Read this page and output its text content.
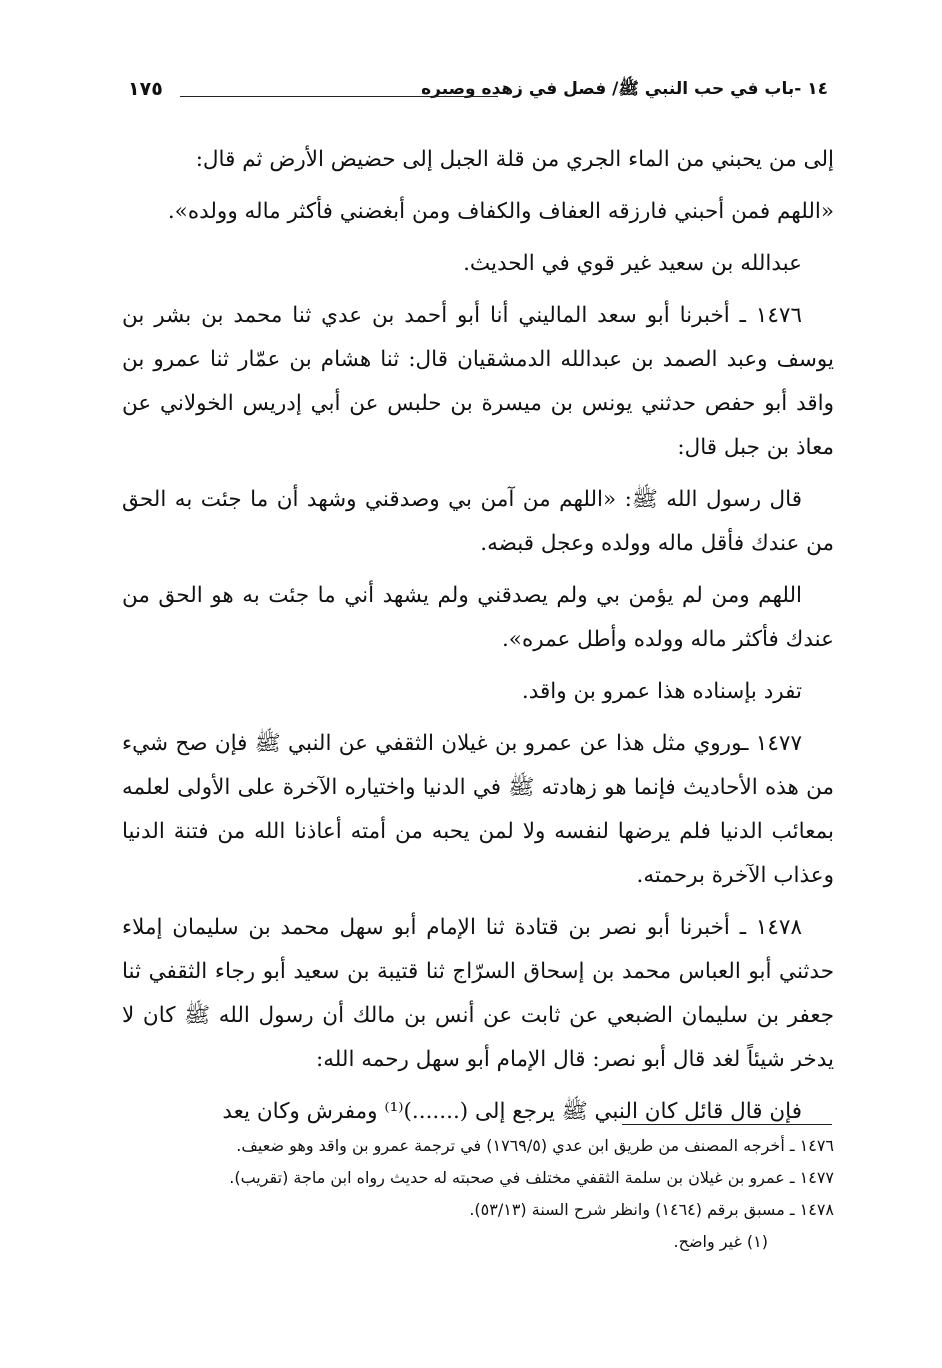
١٤ -باب في حب النبي ﷺ/ فصل في زهده وصبره
١٧٥

إلى من يحبني من الماء الجري من قلة الجبل إلى حضيض الأرض ثم قال:

«اللهم فمن أحبني فارزقه العفاف والكفاف ومن أبغضني فأكثر ماله وولده».

عبدالله بن سعيد غير قوي في الحديث.

١٤٧٦ ـ أخبرنا أبو سعد الماليني أنا أبو أحمد بن عدي ثنا محمد بن بشر بن يوسف وعبد الصمد بن عبدالله الدمشقيان قال: ثنا هشام بن عمّار ثنا عمرو بن واقد أبو حفص حدثني يونس بن ميسرة بن حلبس عن أبي إدريس الخولاني عن معاذ بن جبل قال:

قال رسول الله ﷺ: «اللهم من آمن بي وصدقني وشهد أن ما جئت به الحق من عندك فأقل ماله وولده وعجل قبضه.

اللهم ومن لم يؤمن بي ولم يصدقني ولم يشهد أني ما جئت به هو الحق من عندك فأكثر ماله وولده وأطل عمره».

تفرد بإسناده هذا عمرو بن واقد.

١٤٧٧ ـوروي مثل هذا عن عمرو بن غيلان الثقفي عن النبي ﷺ فإن صح شيء من هذه الأحاديث فإنما هو زهادته ﷺ في الدنيا واختياره الآخرة على الأولى لعلمه بمعائب الدنيا فلم يرضها لنفسه ولا لمن يحبه من أمته أعاذنا الله من فتنة الدنيا وعذاب الآخرة برحمته.

١٤٧٨ ـ أخبرنا أبو نصر بن قتادة ثنا الإمام أبو سهل محمد بن سليمان إملاء حدثني أبو العباس محمد بن إسحاق السرّاج ثنا قتيبة بن سعيد أبو رجاء الثقفي ثنا جعفر بن سليمان الضبعي عن ثابت عن أنس بن مالك أن رسول الله ﷺ كان لا يدخر شيئاً لغد قال أبو نصر: قال الإمام أبو سهل رحمه الله:

فإن قال قائل كان النبي ﷺ يرجع إلى (.......)⁽¹⁾ ومفرش وكان يعد

١٤٧٦ ـ أخرجه المصنف من طريق ابن عدي (١٧٦٩/٥) في ترجمة عمرو بن واقد وهو ضعيف.

١٤٧٧ ـ عمرو بن غيلان بن سلمة الثقفي مختلف في صحبته له حديث رواه ابن ماجة (تقريب).

١٤٧٨ ـ مسبق برقم (١٤٦٤) وانظر شرح السنة (٥٣/١٣).

(١) غير واضح.
